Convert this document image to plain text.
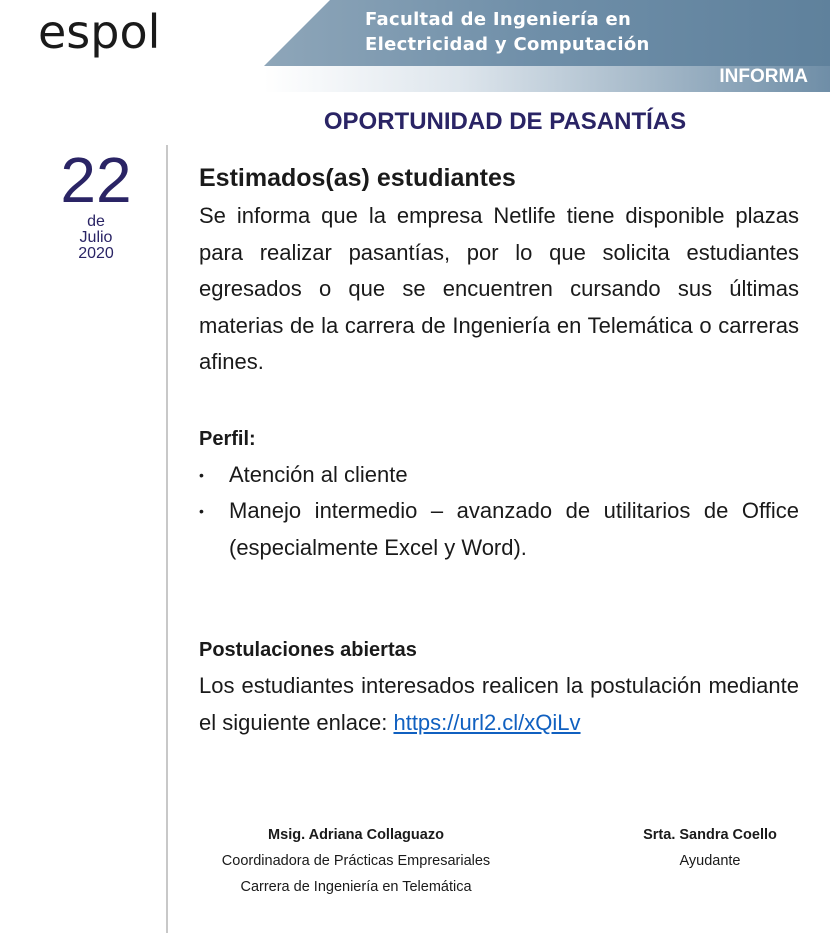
Facultad de Ingeniería en
Electricidad y Computación
INFORMA
espol
OPORTUNIDAD DE PASANTÍAS
22
de
Julio
2020

Estimados(as) estudiantes

Se informa que la empresa Netlife tiene disponible plazas para realizar pasantías, por lo que solicita estudiantes egresados o que se encuentren cursando sus últimas materias de la carrera de Ingeniería en Telemática o carreras afines.

Perfil:

• Atención al cliente
• Manejo intermedio – avanzado de utilitarios de Office (especialmente Excel y Word).

Postulaciones abiertas

Los estudiantes interesados realicen la postulación mediante el siguiente enlace: https://url2.cl/xQiLv

Msig. Adriana Collaguazo
Coordinadora de Prácticas Empresariales
Carrera de Ingeniería en Telemática
Srta. Sandra Coello
Ayudante
